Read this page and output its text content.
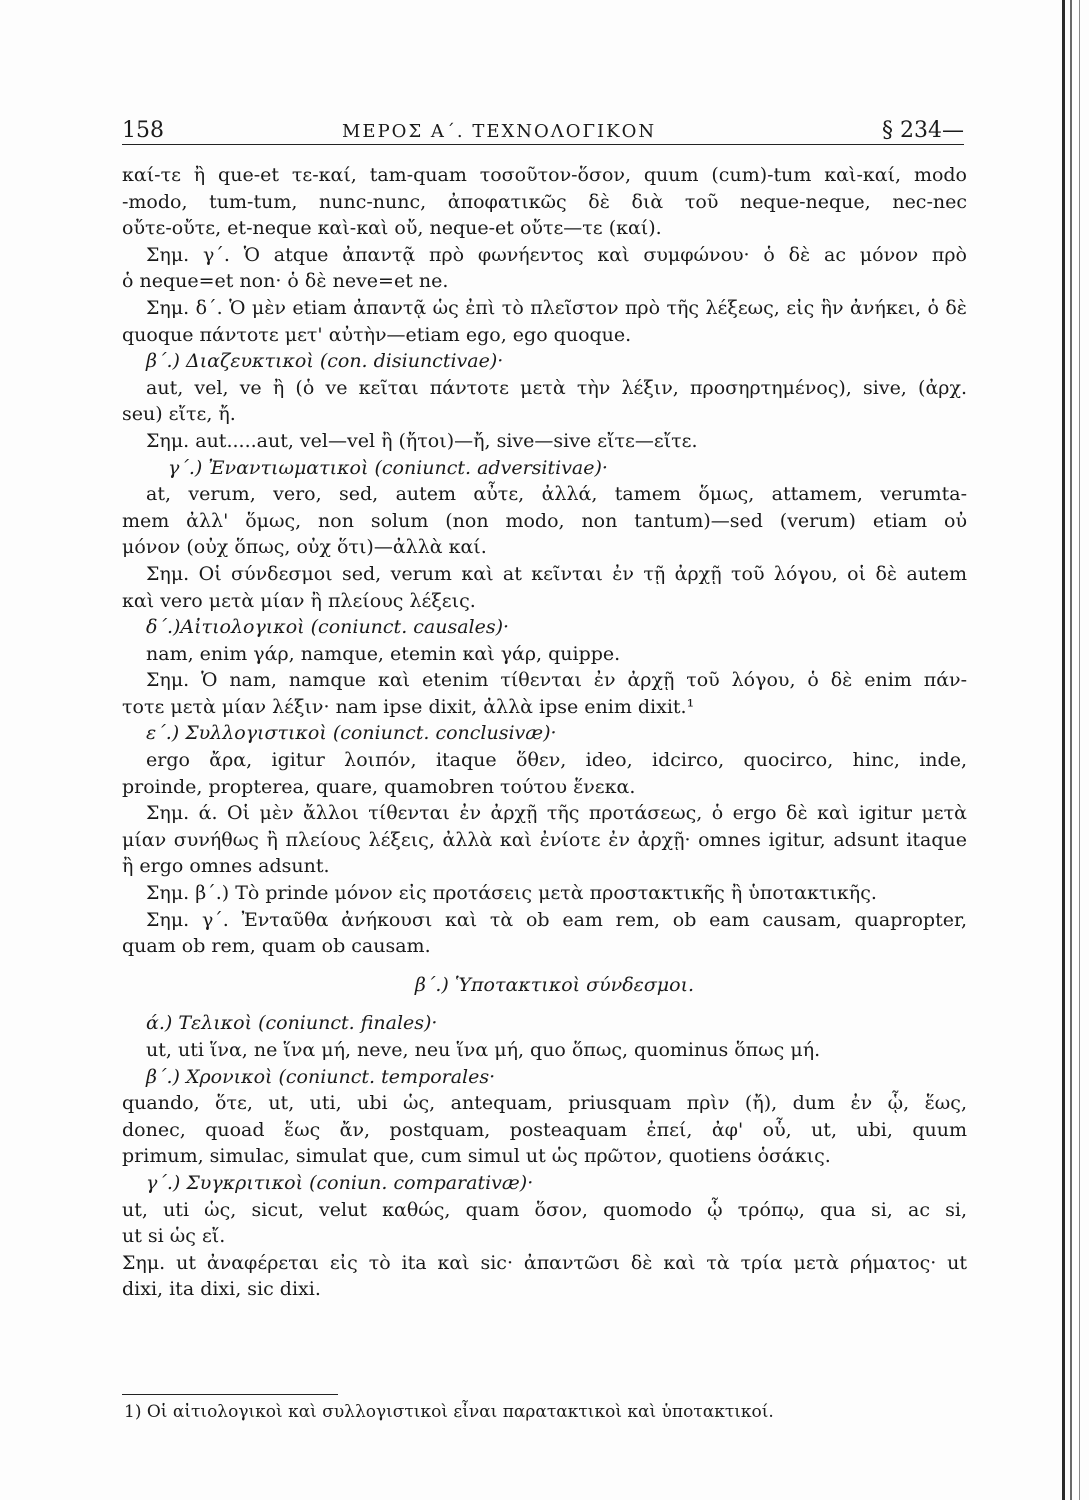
158	ΜΕΡΟΣ Α΄. ΤΕΧΝΟΛΟΓΙΚΟΝ	§ 234—
καί-τε ἢ que-et τε-καί, tam-quam τοσοῦτον-ὅσον, quum (cum)-tum καὶ-καί, modo
-modo, tum-tum, nunc-nunc, ἀποφατικῶς δὲ διὰ τοῦ neque-neque, nec-nec
οὔτε-οὔτε, et-neque καὶ-καὶ οὔ, neque-et οὔτε—τε (καί).
Σημ. γ΄. Ὁ atque ἀπαντᾷ πρὸ φωνήεντος καὶ συμφώνου· ὁ δὲ ac μόνον πρὸ
ὁ neque=et non· ὁ δὲ neve=et ne.
Σημ. δ΄. Ὁ μὲν etiam ἀπαντᾷ ὡς ἐπὶ τὸ πλεῖστον πρὸ τῆς λέξεως, εἰς ἣν ἀνήκει, ὁ δὲ
quoque πάντοτε μετ' αὐτὴν—etiam ego, ego quoque.
β΄.) Διαζευκτικοὶ (con. disiunctivae)·
aut, vel, ve ἢ (ὁ ve κεῖται πάντοτε μετὰ τὴν λέξιν, προσηρτημένος), sive, (ἀρχ.
seu) εἴτε, ἤ.
Σημ. aut.....aut, vel—vel ἢ (ἤτοι)—ἤ, sive—sive εἴτε—εἴτε.
γ΄.) Ἐναντιωματικοὶ (coniunct. adversitivae)·
at, verum, vero, sed, autem αὖτε, ἀλλά, tamem ὅμως, attamem, verumta-
mem ἀλλ' ὅμως, non solum (non modo, non tantum)—sed (verum) etiam οὐ
μόνον (οὐχ ὅπως, οὐχ ὅτι)—ἀλλὰ καί.
Σημ. Οἱ σύνδεσμοι sed, verum καὶ at κεῖνται ἐν τῇ ἀρχῇ τοῦ λόγου, οἱ δὲ autem
καὶ vero μετὰ μίαν ἢ πλείους λέξεις.
δ΄.)Αἰτιολογικοὶ (coniunct. causales)·
nam, enim γάρ, namque, etemin καὶ γάρ, quippe.
Σημ. Ὁ nam, namque καὶ etenim τίθενται ἐν ἀρχῇ τοῦ λόγου, ὁ δὲ enim πάν-
τοτε μετὰ μίαν λέξιν· nam ipse dixit, ἀλλὰ ipse enim dixit.¹
ε΄.) Συλλογιστικοὶ (coniunct. conclusivæ)·
ergo ἄρα, igitur λοιπόν, itaque ὅθεν, ideo, idcirco, quocirco, hinc, inde,
proinde, propterea, quare, quamobren τούτου ἕνεκα.
Σημ. ά. Οἱ μὲν ἄλλοι τίθενται ἐν ἀρχῇ τῆς προτάσεως, ὁ ergo δὲ καὶ igitur μετὰ
μίαν συνήθως ἢ πλείους λέξεις, ἀλλὰ καὶ ἐνίοτε ἐν ἀρχῇ· omnes igitur, adsunt itaque
ἢ ergo omnes adsunt.
Σημ. β΄.) Τὸ prinde μόνον εἰς προτάσεις μετὰ προστακτικῆς ἢ ὑποτακτικῆς.
Σημ. γ΄. Ἐνταῦθα ἀνήκουσι καὶ τὰ ob eam rem, ob eam causam, quapropter,
quam ob rem, quam ob causam.
β΄.) Ὑποτακτικοὶ σύνδεσμοι.
ά.) Τελικοὶ (coniunct. finales)·
ut, uti ἵνα, ne ἵνα μή, neve, neu ἵνα μή, quo ὅπως, quominus ὅπως μή.
β΄.) Χρονικοὶ (coniunct. temporales·
quando, ὅτε, ut, uti, ubi ὡς, antequam, priusquam πρὶν (ἤ), dum ἐν ᾧ, ἕως,
donec, quoad ἕως ἄν, postquam, posteaquam ἐπεί, ἀφ' οὗ, ut, ubi, quum
primum, simulac, simulat que, cum simul ut ὡς πρῶτον, quotiens ὁσάκις.
γ΄.) Συγκριτικοὶ (coniun. comparativæ)·
ut, uti ὡς, sicut, velut καθώς, quam ὅσον, quomodo ᾧ τρόπῳ, qua si, ac si,
ut si ὡς εἴ.
Σημ. ut ἀναφέρεται εἰς τὸ ita καὶ sic· ἀπαντῶσι δὲ καὶ τὰ τρία μετὰ ρήματος· ut
dixi, ita dixi, sic dixi.
1) Οἱ αἰτιολογικοὶ καὶ συλλογιστικοὶ εἶναι παρατακτικοὶ καὶ ὑποτακτικοί.
